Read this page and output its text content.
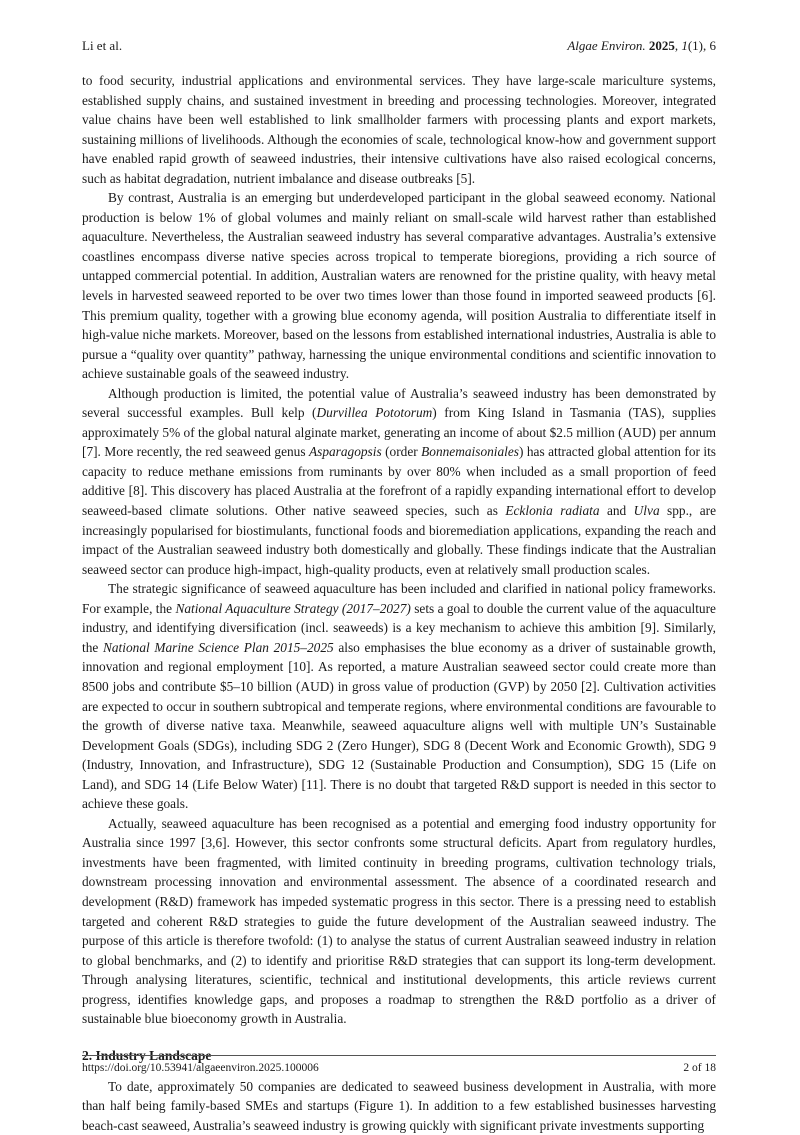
Li et al.	Algae Environ. 2025, 1(1), 6

to food security, industrial applications and environmental services. They have large-scale mariculture systems, established supply chains, and sustained investment in breeding and processing technologies. Moreover, integrated value chains have been well established to link smallholder farmers with processing plants and export markets, sustaining millions of livelihoods. Although the economies of scale, technological know-how and government support have enabled rapid growth of seaweed industries, their intensive cultivations have also raised ecological concerns, such as habitat degradation, nutrient imbalance and disease outbreaks [5].

By contrast, Australia is an emerging but underdeveloped participant in the global seaweed economy. National production is below 1% of global volumes and mainly reliant on small-scale wild harvest rather than established aquaculture. Nevertheless, the Australian seaweed industry has several comparative advantages. Australia’s extensive coastlines encompass diverse native species across tropical to temperate bioregions, providing a rich source of untapped commercial potential. In addition, Australian waters are renowned for the pristine quality, with heavy metal levels in harvested seaweed reported to be over two times lower than those found in imported seaweed products [6]. This premium quality, together with a growing blue economy agenda, will position Australia to differentiate itself in high-value niche markets. Moreover, based on the lessons from established international industries, Australia is able to pursue a “quality over quantity” pathway, harnessing the unique environmental conditions and scientific innovation to achieve sustainable goals of the seaweed industry.

Although production is limited, the potential value of Australia’s seaweed industry has been demonstrated by several successful examples. Bull kelp (Durvillea Pototorum) from King Island in Tasmania (TAS), supplies approximately 5% of the global natural alginate market, generating an income of about $2.5 million (AUD) per annum [7]. More recently, the red seaweed genus Asparagopsis (order Bonnemaisoniales) has attracted global attention for its capacity to reduce methane emissions from ruminants by over 80% when included as a small proportion of feed additive [8]. This discovery has placed Australia at the forefront of a rapidly expanding international effort to develop seaweed-based climate solutions. Other native seaweed species, such as Ecklonia radiata and Ulva spp., are increasingly popularised for biostimulants, functional foods and bioremediation applications, expanding the reach and impact of the Australian seaweed industry both domestically and globally. These findings indicate that the Australian seaweed sector can produce high-impact, high-quality products, even at relatively small production scales.

The strategic significance of seaweed aquaculture has been included and clarified in national policy frameworks. For example, the National Aquaculture Strategy (2017–2027) sets a goal to double the current value of the aquaculture industry, and identifying diversification (incl. seaweeds) is a key mechanism to achieve this ambition [9]. Similarly, the National Marine Science Plan 2015–2025 also emphasises the blue economy as a driver of sustainable growth, innovation and regional employment [10]. As reported, a mature Australian seaweed sector could create more than 8500 jobs and contribute $5–10 billion (AUD) in gross value of production (GVP) by 2050 [2]. Cultivation activities are expected to occur in southern subtropical and temperate regions, where environmental conditions are favourable to the growth of diverse native taxa. Meanwhile, seaweed aquaculture aligns well with multiple UN’s Sustainable Development Goals (SDGs), including SDG 2 (Zero Hunger), SDG 8 (Decent Work and Economic Growth), SDG 9 (Industry, Innovation, and Infrastructure), SDG 12 (Sustainable Production and Consumption), SDG 15 (Life on Land), and SDG 14 (Life Below Water) [11]. There is no doubt that targeted R&D support is needed in this sector to achieve these goals.

Actually, seaweed aquaculture has been recognised as a potential and emerging food industry opportunity for Australia since 1997 [3,6]. However, this sector confronts some structural deficits. Apart from regulatory hurdles, investments have been fragmented, with limited continuity in breeding programs, cultivation technology trials, downstream processing innovation and environmental assessment. The absence of a coordinated research and development (R&D) framework has impeded systematic progress in this sector. There is a pressing need to establish targeted and coherent R&D strategies to guide the future development of the Australian seaweed industry. The purpose of this article is therefore twofold: (1) to analyse the status of current Australian seaweed industry in relation to global benchmarks, and (2) to identify and prioritise R&D strategies that can support its long-term development. Through analysing literatures, scientific, technical and institutional developments, this article reviews current progress, identifies knowledge gaps, and proposes a roadmap to strengthen the R&D portfolio as a driver of sustainable blue bioeconomy growth in Australia.

2. Industry Landscape

To date, approximately 50 companies are dedicated to seaweed business development in Australia, with more than half being family-based SMEs and startups (Figure 1). In addition to a few established businesses harvesting beach-cast seaweed, Australia’s seaweed industry is growing quickly with significant private investments supporting

https://doi.org/10.53941/algaeenviron.2025.100006	2 of 18
